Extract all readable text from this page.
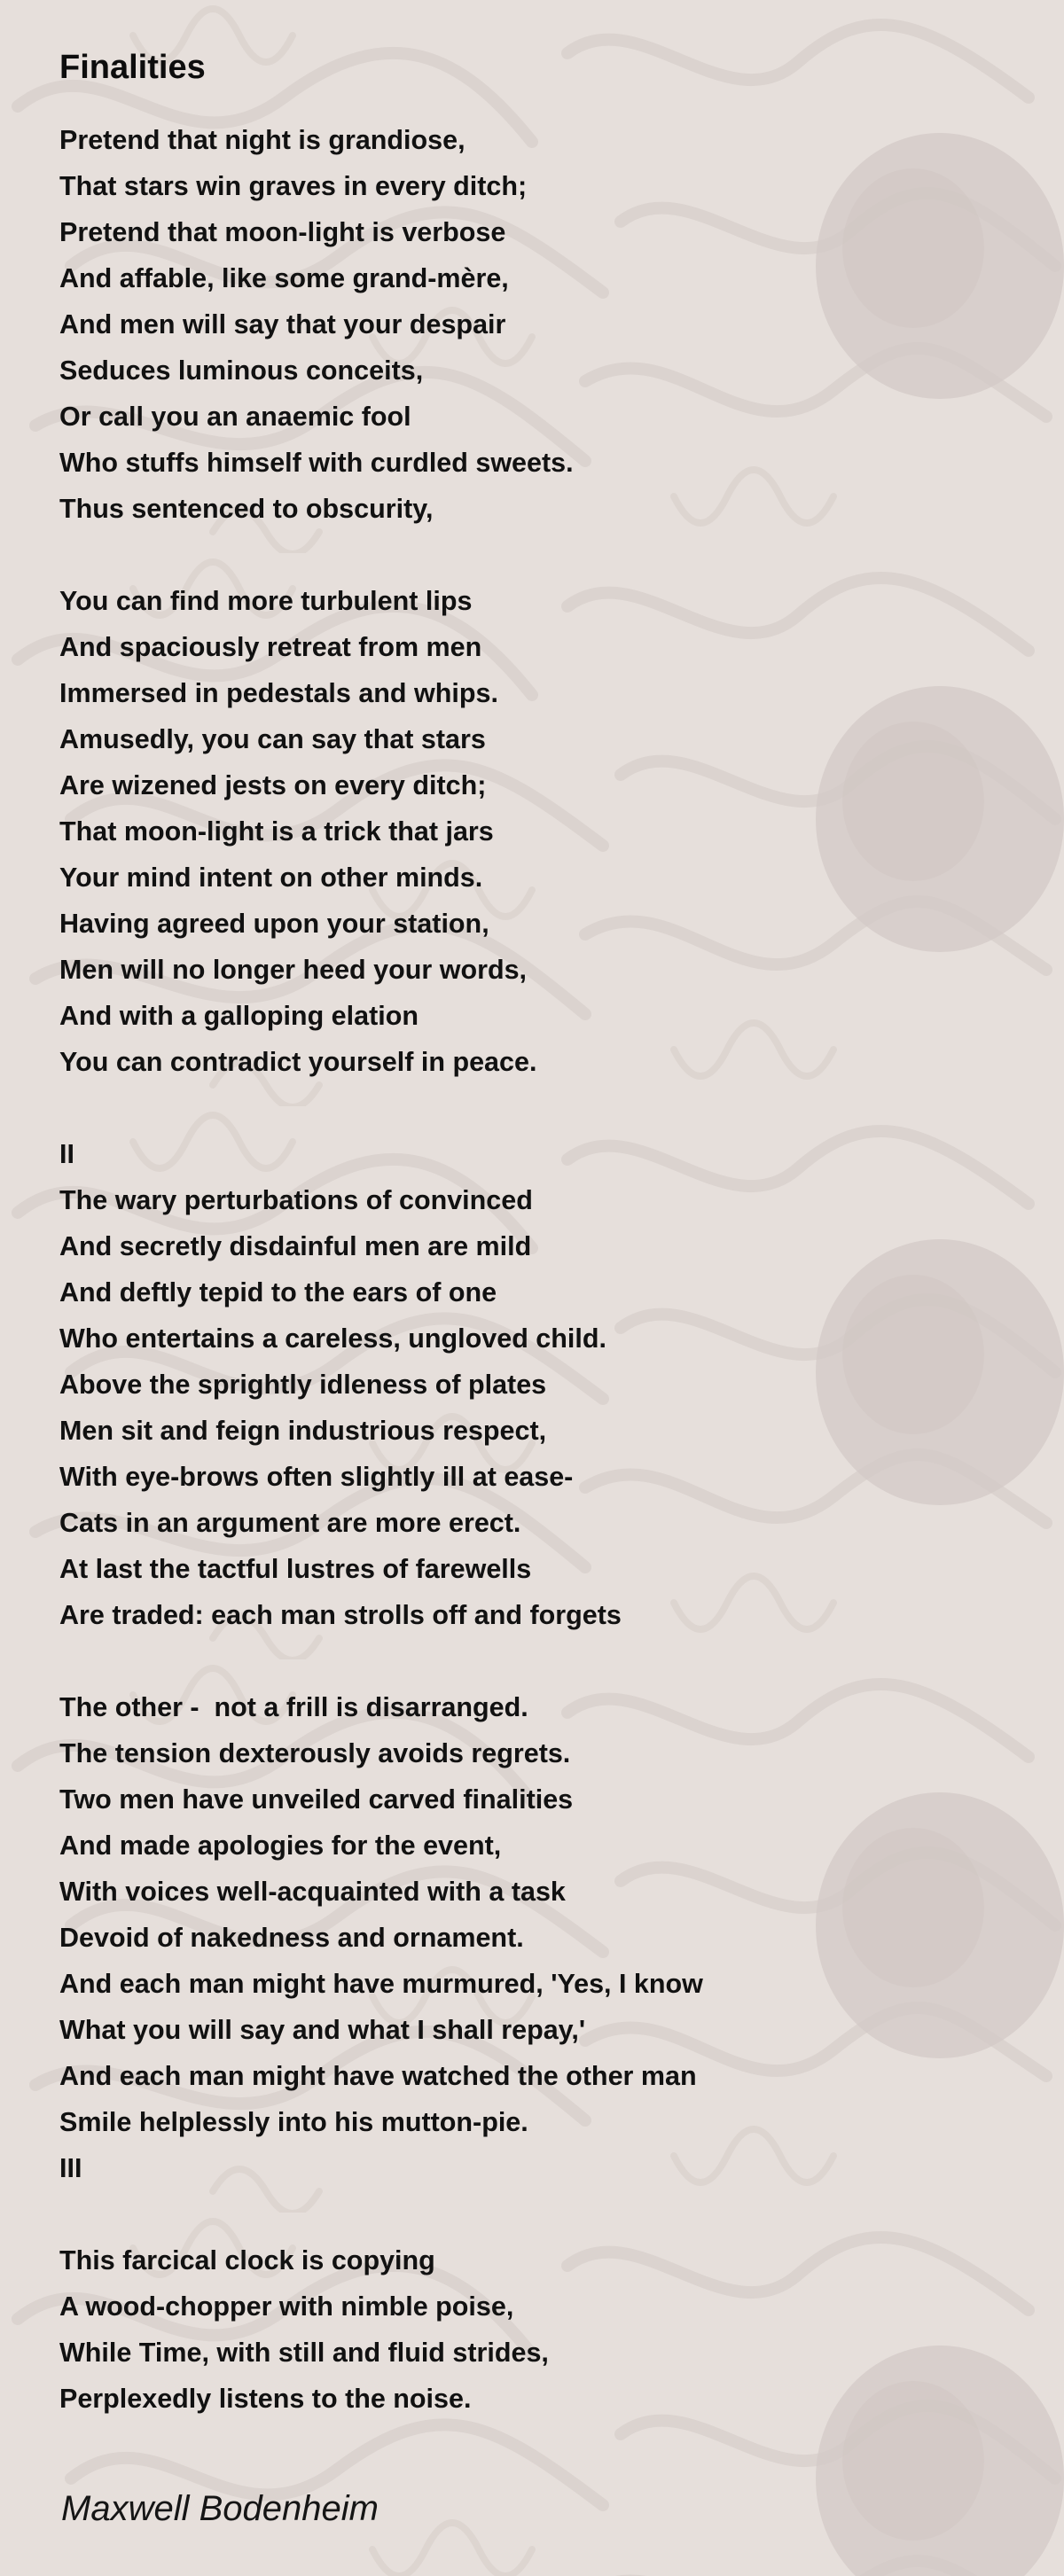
Finalities
Pretend that night is grandiose,
That stars win graves in every ditch;
Pretend that moon-light is verbose
And affable, like some grand-mère,
And men will say that your despair
Seduces luminous conceits,
Or call you an anaemic fool
Who stuffs himself with curdled sweets.
Thus sentenced to obscurity,
You can find more turbulent lips
And spaciously retreat from men
Immersed in pedestals and whips.
Amusedly, you can say that stars
Are wizened jests on every ditch;
That moon-light is a trick that jars
Your mind intent on other minds.
Having agreed upon your station,
Men will no longer heed your words,
And with a galloping elation
You can contradict yourself in peace.
II
The wary perturbations of convinced
And secretly disdainful men are mild
And deftly tepid to the ears of one
Who entertains a careless, ungloved child.
Above the sprightly idleness of plates
Men sit and feign industrious respect,
With eye-brows often slightly ill at ease-
Cats in an argument are more erect.
At last the tactful lustres of farewells
Are traded: each man strolls off and forgets
The other -  not a frill is disarranged.
The tension dexterously avoids regrets.
Two men have unveiled carved finalities
And made apologies for the event,
With voices well-acquainted with a task
Devoid of nakedness and ornament.
And each man might have murmured, 'Yes, I know
What you will say and what I shall repay,'
And each man might have watched the other man
Smile helplessly into his mutton-pie.
III
This farcical clock is copying
A wood-chopper with nimble poise,
While Time, with still and fluid strides,
Perplexedly listens to the noise.
Maxwell Bodenheim
